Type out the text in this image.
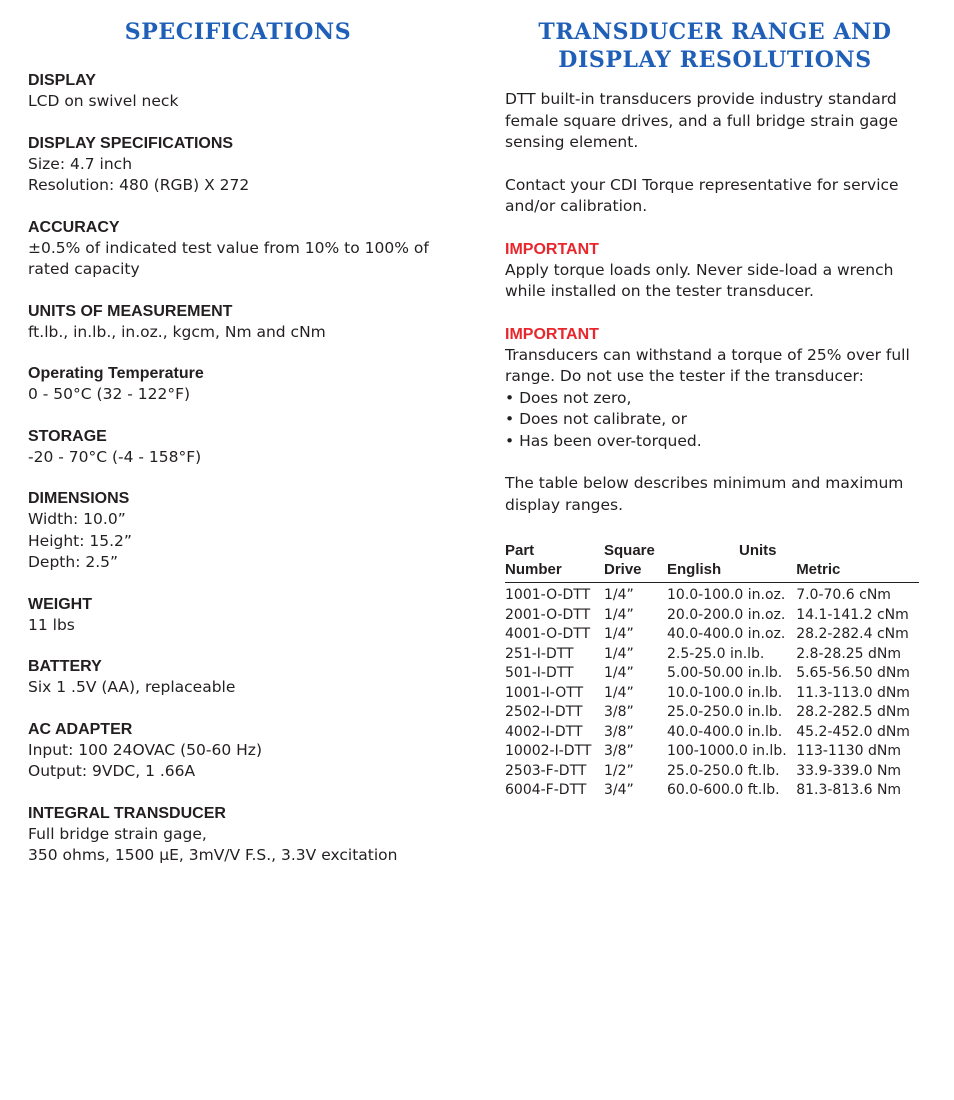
SPECIFICATIONS
DISPLAY
LCD on swivel neck
DISPLAY SPECIFICATIONS
Size: 4.7 inch
Resolution: 480 (RGB) X 272
ACCURACY
±0.5% of indicated test value from 10% to 100% of
rated capacity
UNITS OF MEASUREMENT
ft.lb., in.lb., in.oz., kgcm, Nm and cNm
Operating Temperature
0 - 50°C (32 - 122°F)
STORAGE
-20 - 70°C (-4 - 158°F)
DIMENSIONS
Width: 10.0”
Height: 15.2”
Depth: 2.5”
WEIGHT
11 lbs
BATTERY
Six 1 .5V (AA), replaceable
AC ADAPTER
Input: 100 24OVAC (50-60 Hz)
Output: 9VDC, 1 .66A
INTEGRAL TRANSDUCER
Full bridge strain gage,
350 ohms, 1500 μE, 3mV/V F.S., 3.3V excitation
TRANSDUCER RANGE AND
DISPLAY RESOLUTIONS
DTT built-in transducers provide industry standard
female square drives, and a full bridge strain gage
sensing element.
Contact your CDI Torque representative for service
and/or calibration.
IMPORTANT
Apply torque loads only. Never side-load a wrench
while installed on the tester transducer.
IMPORTANT
Transducers can withstand a torque of 25% over full
range. Do not use the tester if the transducer:
• Does not zero,
• Does not calibrate, or
• Has been over-torqued.
The table below describes minimum and maximum
display ranges.
Part	Square	Units	
Number	Drive	English	Metric
1001-O-DTT	1/4”	10.0-100.0 in.oz.	7.0-70.6 cNm
2001-O-DTT	1/4”	20.0-200.0 in.oz.	14.1-141.2 cNm
4001-O-DTT	1/4”	40.0-400.0 in.oz.	28.2-282.4 cNm
251-I-DTT	1/4”	2.5-25.0 in.lb.	2.8-28.25 dNm
501-I-DTT	1/4”	5.00-50.00 in.lb.	5.65-56.50 dNm
1001-I-OTT	1/4”	10.0-100.0 in.lb.	11.3-113.0 dNm
2502-I-DTT	3/8”	25.0-250.0 in.lb.	28.2-282.5 dNm
4002-I-DTT	3/8”	40.0-400.0 in.lb.	45.2-452.0 dNm
10002-I-DTT	3/8”	100-1000.0 in.lb.	113-1130 dNm
2503-F-DTT	1/2”	25.0-250.0 ft.lb.	33.9-339.0 Nm
6004-F-DTT	3/4”	60.0-600.0 ft.lb.	81.3-813.6 Nm
